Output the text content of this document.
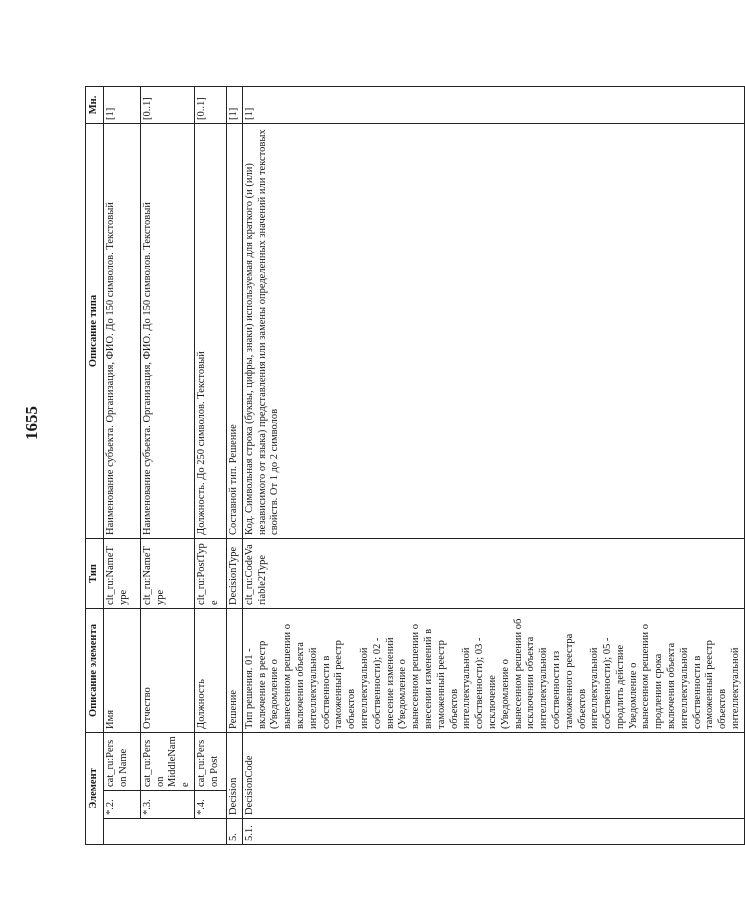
1655
Элемент			Описание элемента	Тип	Описание типа	Мн.
	*.2.	cat_ru:Person Name	Имя	clt_ru:NameType	Наименование субъекта. Организация, ФИО. До 150 символов. Текстовый	[1]
	*.3.	cat_ru:Person MiddleName	Отчество	clt_ru:NameType	Наименование субъекта. Организация, ФИО. До 150 символов. Текстовый	[0..1]
	*.4.	cat_ru:Person Post	Должность	clt_ru:PostType	Должность. До 250 символов. Текстовый	[0..1]
5.	Decision		Решение	DecisionType	Составной тип. Решение	[1]
5.1.	DecisionCode		Тип решения. 01 - включение в реестр (Уведомление о вынесенном решении о включении объекта интеллектуальной собственности в таможенный реестр объектов интеллектуальной собственности); 02 - внесение изменений (Уведомление о вынесенном решении о внесении изменений в таможенный реестр объектов интеллектуальной собственности); 03 - исключение (Уведомление о вынесенном решении об исключении объекта интеллектуальной собственности из таможенного реестра объектов интеллектуальной собственности); 05 - продлить действие Уведомление о вынесенном решении о продлении срока включения объекта интеллектуальной собственности в таможенный реестр объектов интеллектуальной	clt_ru:CodeVariable2Type	Код. Символьная строка (буквы, цифры, знаки) используемая для краткого (и (или) независимого от языка) представления или замены определенных значений или текстовых свойств. От 1 до 2 символов	[1]
